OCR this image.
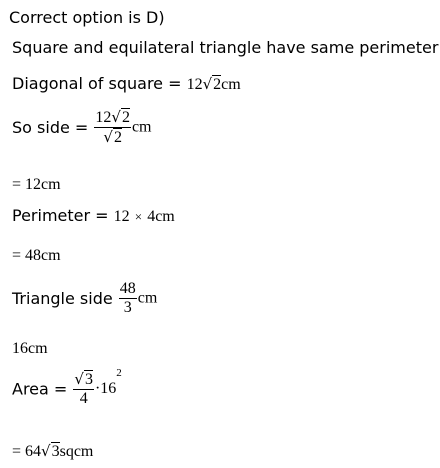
Correct option is D)
Square and equilateral triangle have same perimeter
Diagonal of square = 12√2cm
So side = $\frac{12√2}{√2}$ cm
= 12cm
Perimeter = 12 × 4cm
= 48cm
Triangle side $\frac{48}{3}$ cm
16cm
Area = $\frac{√3}{4} \cdot 16^2$
= 64√3sqcm
